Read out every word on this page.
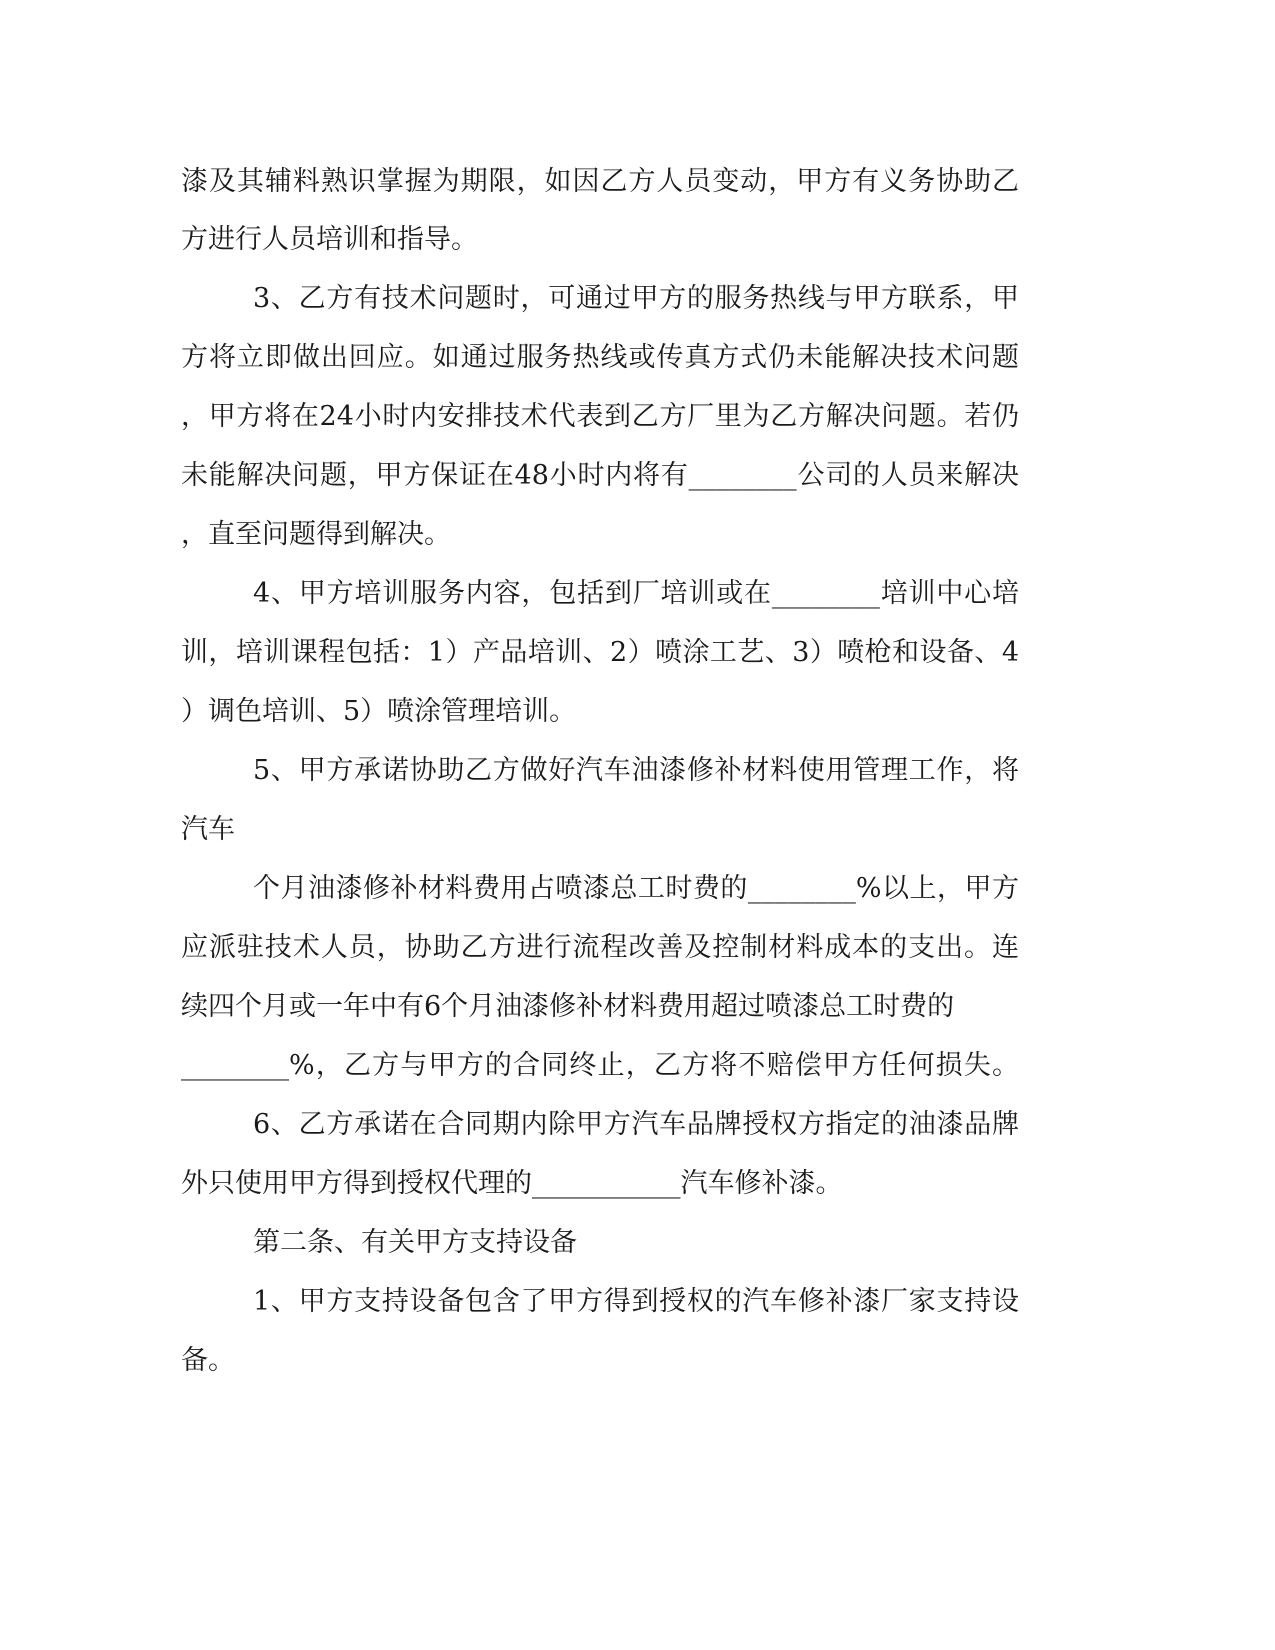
漆及其辅料熟识掌握为期限，如因乙方人员变动，甲方有义务协助乙
方进行人员培训和指导。
3、乙方有技术问题时，可通过甲方的服务热线与甲方联系，甲
方将立即做出回应。如通过服务热线或传真方式仍未能解决技术问题
，甲方将在24小时内安排技术代表到乙方厂里为乙方解决问题。若仍
未能解决问题，甲方保证在48小时内将有________公司的人员来解决
，直至问题得到解决。
4、甲方培训服务内容，包括到厂培训或在________培训中心培
训，培训课程包括：1）产品培训、2）喷涂工艺、3）喷枪和设备、4
）调色培训、5）喷涂管理培训。
5、甲方承诺协助乙方做好汽车油漆修补材料使用管理工作，将
汽车
个月油漆修补材料费用占喷漆总工时费的________%以上，甲方
应派驻技术人员，协助乙方进行流程改善及控制材料成本的支出。连
续四个月或一年中有6个月油漆修补材料费用超过喷漆总工时费的
________%，乙方与甲方的合同终止，乙方将不赔偿甲方任何损失。
6、乙方承诺在合同期内除甲方汽车品牌授权方指定的油漆品牌
外只使用甲方得到授权代理的___________汽车修补漆。
第二条、有关甲方支持设备
1、甲方支持设备包含了甲方得到授权的汽车修补漆厂家支持设
备。
